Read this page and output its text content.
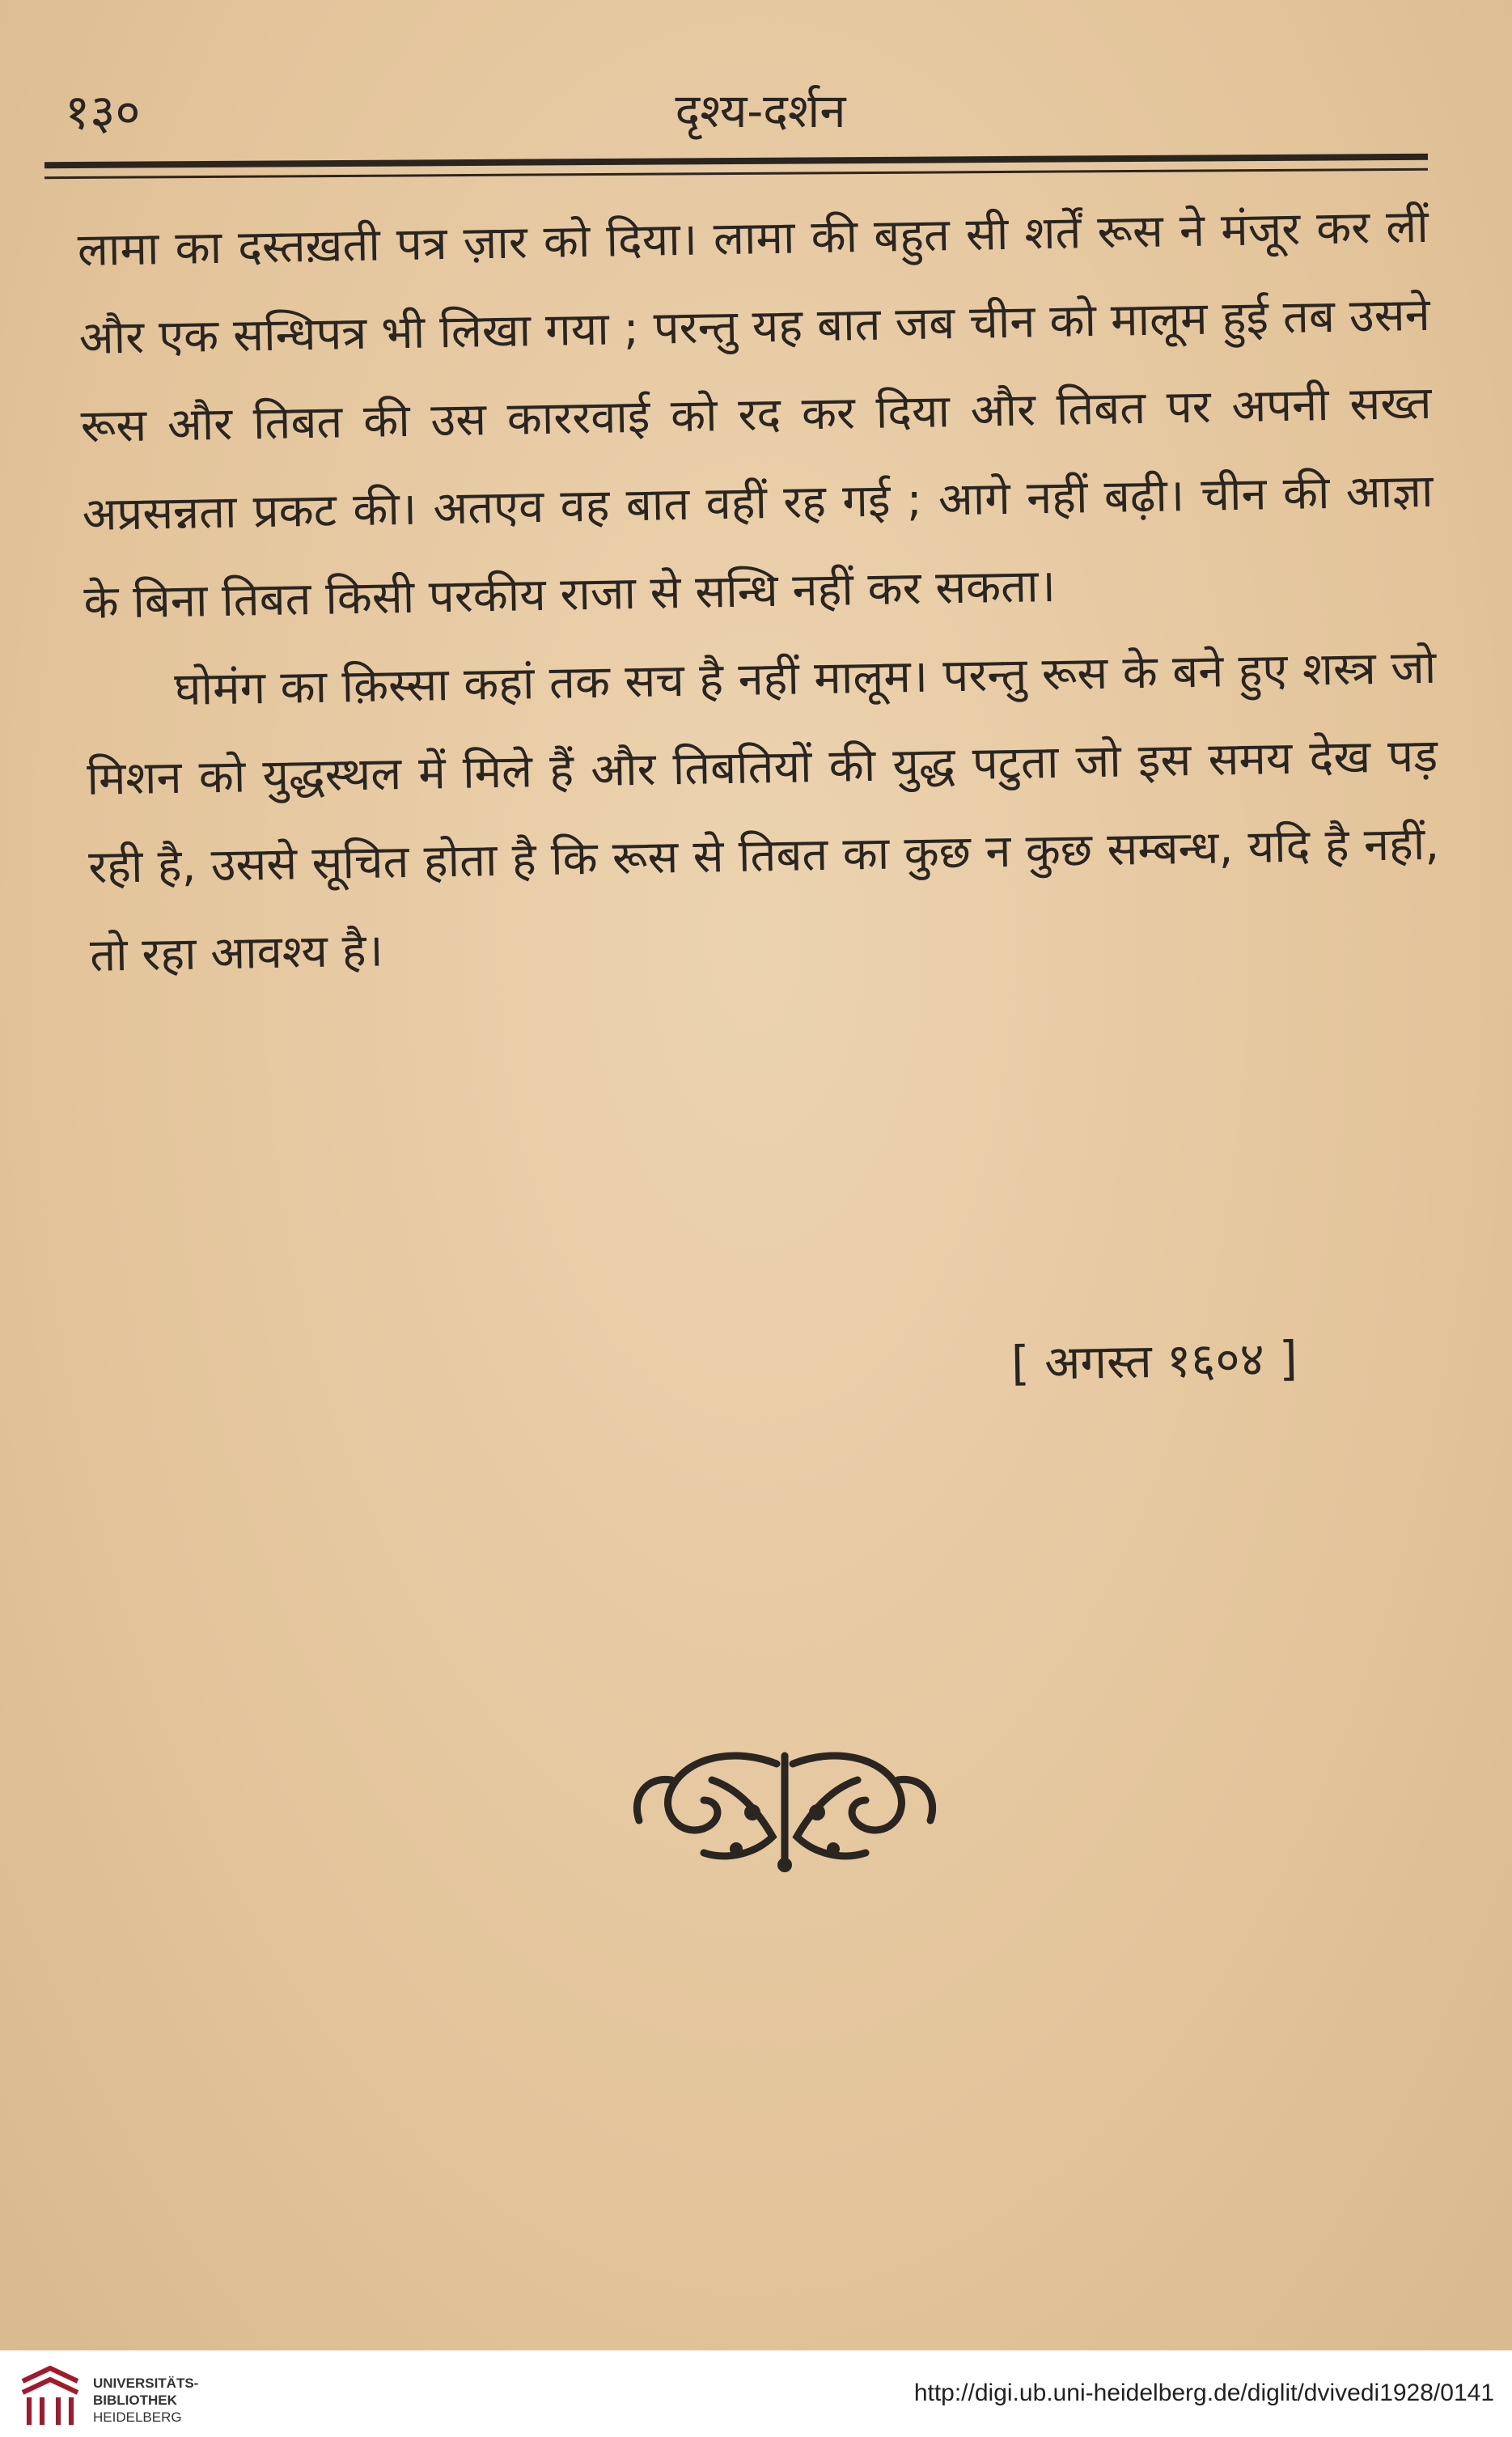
१३०	दृश्य-दर्शन

लामा का दस्तख़ती पत्र ज़ार को दिया। लामा की बहुत सी शर्तें रूस ने मंजूर कर लीं और एक सन्धिपत्र भी लिखा गया ; परन्तु यह बात जब चीन को मालूम हुई तब उसने रूस और तिबत की उस काररवाई को रद कर दिया और तिबत पर अपनी सख्त अप्रसन्नता प्रकट की। अतएव वह बात वहीं रह गई ; आगे नहीं बढ़ी। चीन की आज्ञा के बिना तिबत किसी परकीय राजा से सन्धि नहीं कर सकता।

घोमंग का क़िस्सा कहां तक सच है नहीं मालूम। परन्तु रूस के बने हुए शस्त्र जो मिशन को युद्धस्थल में मिले हैं और तिबतियों की युद्ध पटुता जो इस समय देख पड़ रही है, उससे सूचित होता है कि रूस से तिबत का कुछ न कुछ सम्बन्ध, यदि है नहीं, तो रहा आवश्य है।

[ अगस्त १६०४ ]
UNIVERSITÄTS-
BIBLIOTHEK
HEIDELBERG
http://digi.ub.uni-heidelberg.de/diglit/dvivedi1928/0141
